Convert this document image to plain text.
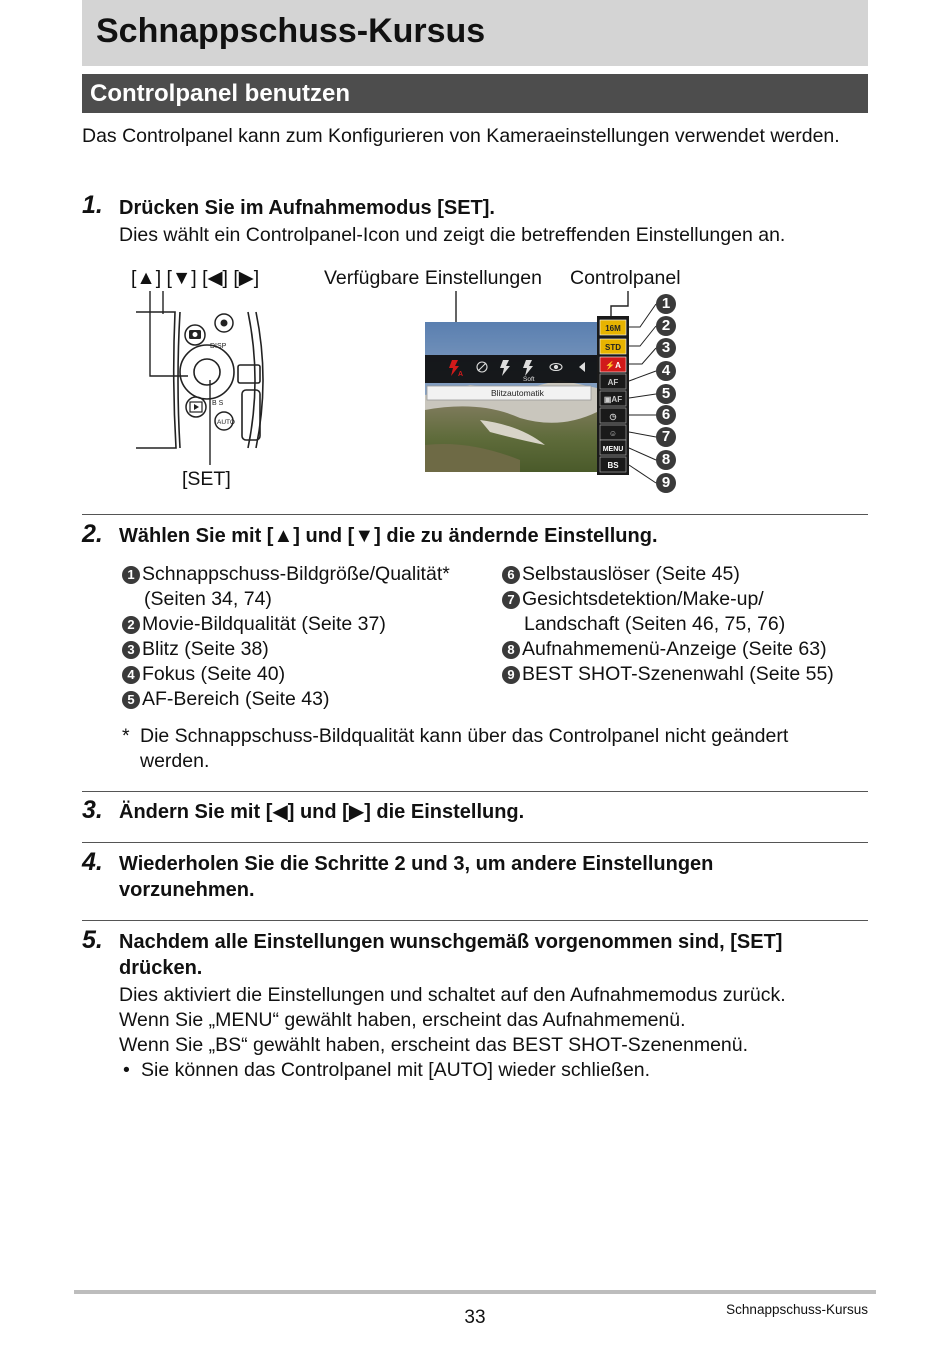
Schnappschuss-Kursus
Controlpanel benutzen
Das Controlpanel kann zum Konfigurieren von Kameraeinstellungen verwendet werden.
1. Drücken Sie im Aufnahmemodus [SET].
Dies wählt ein Controlpanel-Icon und zeigt die betreffenden Einstellungen an.
[▲] [▼] [◀] [▶]	Verfügbare Einstellungen Controlpanel
[SET]
DISP
B S
AUTO
Blitzautomatik
A
Soft
16M
STD
⚡A
AF
▣AF
◷
☺
MENU
BS
1
2
3
4
5
6
7
8
9
2. Wählen Sie mit [▲] und [▼] die zu ändernde Einstellung.
1 Schnappschuss-Bildgröße/Qualität*
(Seiten 34, 74)
2 Movie-Bildqualität (Seite 37)
3 Blitz (Seite 38)
4 Fokus (Seite 40)
5 AF-Bereich (Seite 43)
6 Selbstauslöser (Seite 45)
7 Gesichtsdetektion/Make-up/
Landschaft (Seiten 46, 75, 76)
8 Aufnahmemenü-Anzeige (Seite 63)
9 BEST SHOT-Szenenwahl (Seite 55)
* Die Schnappschuss-Bildqualität kann über das Controlpanel nicht geändert werden.
3. Ändern Sie mit [◀] und [▶] die Einstellung.
4. Wiederholen Sie die Schritte 2 und 3, um andere Einstellungen vorzunehmen.
5. Nachdem alle Einstellungen wunschgemäß vorgenommen sind, [SET] drücken.
Dies aktiviert die Einstellungen und schaltet auf den Aufnahmemodus zurück.
Wenn Sie „MENU“ gewählt haben, erscheint das Aufnahmemenü.
Wenn Sie „BS“ gewählt haben, erscheint das BEST SHOT-Szenenmenü.
• Sie können das Controlpanel mit [AUTO] wieder schließen.
33	Schnappschuss-Kursus
